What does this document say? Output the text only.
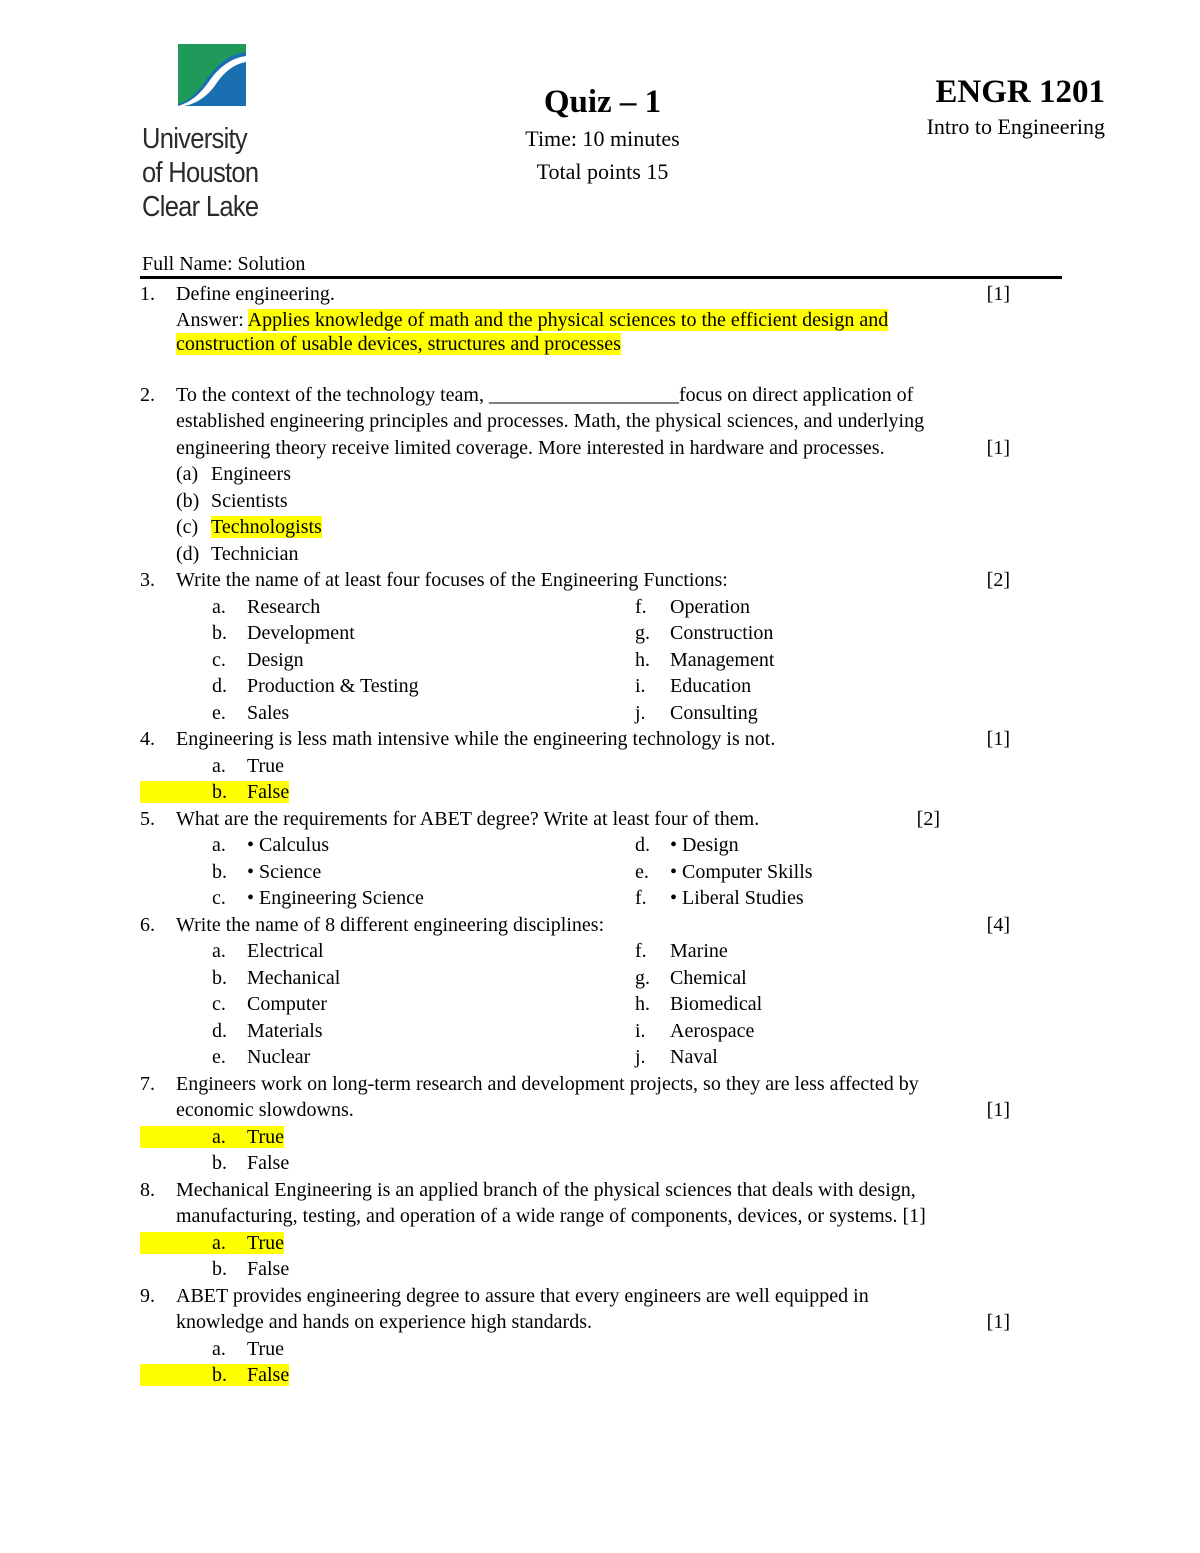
University
of Houston
Clear Lake
Quiz – 1
Time: 10 minutes
Total points 15
ENGR 1201
Intro to Engineering
Full Name: Solution
1.	Define engineering.	[1]
Answer: Applies knowledge of math and the physical sciences to the efficient design and
construction of usable devices, structures and processes
2.	To the context of the technology team, ___________________focus on direct application of
established engineering principles and processes. Math, the physical sciences, and underlying
engineering theory receive limited coverage. More interested in hardware and processes.	[1]
(a) Engineers
(b) Scientists
(c) Technologists
(d) Technician
3.	Write the name of at least four focuses of the Engineering Functions:	[2]
a. Research
b. Development
c. Design
d. Production & Testing
e. Sales
f. Operation
g. Construction
h. Management
i. Education
j. Consulting
4.	Engineering is less math intensive while the engineering technology is not.	[1]
a. True
b. False
5.	What are the requirements for ABET degree? Write at least four of them.	[2]
a. • Calculus
b. • Science
c. • Engineering Science
d. • Design
e. • Computer Skills
f. • Liberal Studies
6.	Write the name of 8 different engineering disciplines:	[4]
a. Electrical
b. Mechanical
c. Computer
d. Materials
e. Nuclear
f. Marine
g. Chemical
h. Biomedical
i. Aerospace
j. Naval
7.	Engineers work on long-term research and development projects, so they are less affected by
economic slowdowns.	[1]
a. True
b. False
8.	Mechanical Engineering is an applied branch of the physical sciences that deals with design,
manufacturing, testing, and operation of a wide range of components, devices, or systems. [1]
a. True
b. False
9.	ABET provides engineering degree to assure that every engineers are well equipped in
knowledge and hands on experience high standards.	[1]
a. True
b. False
